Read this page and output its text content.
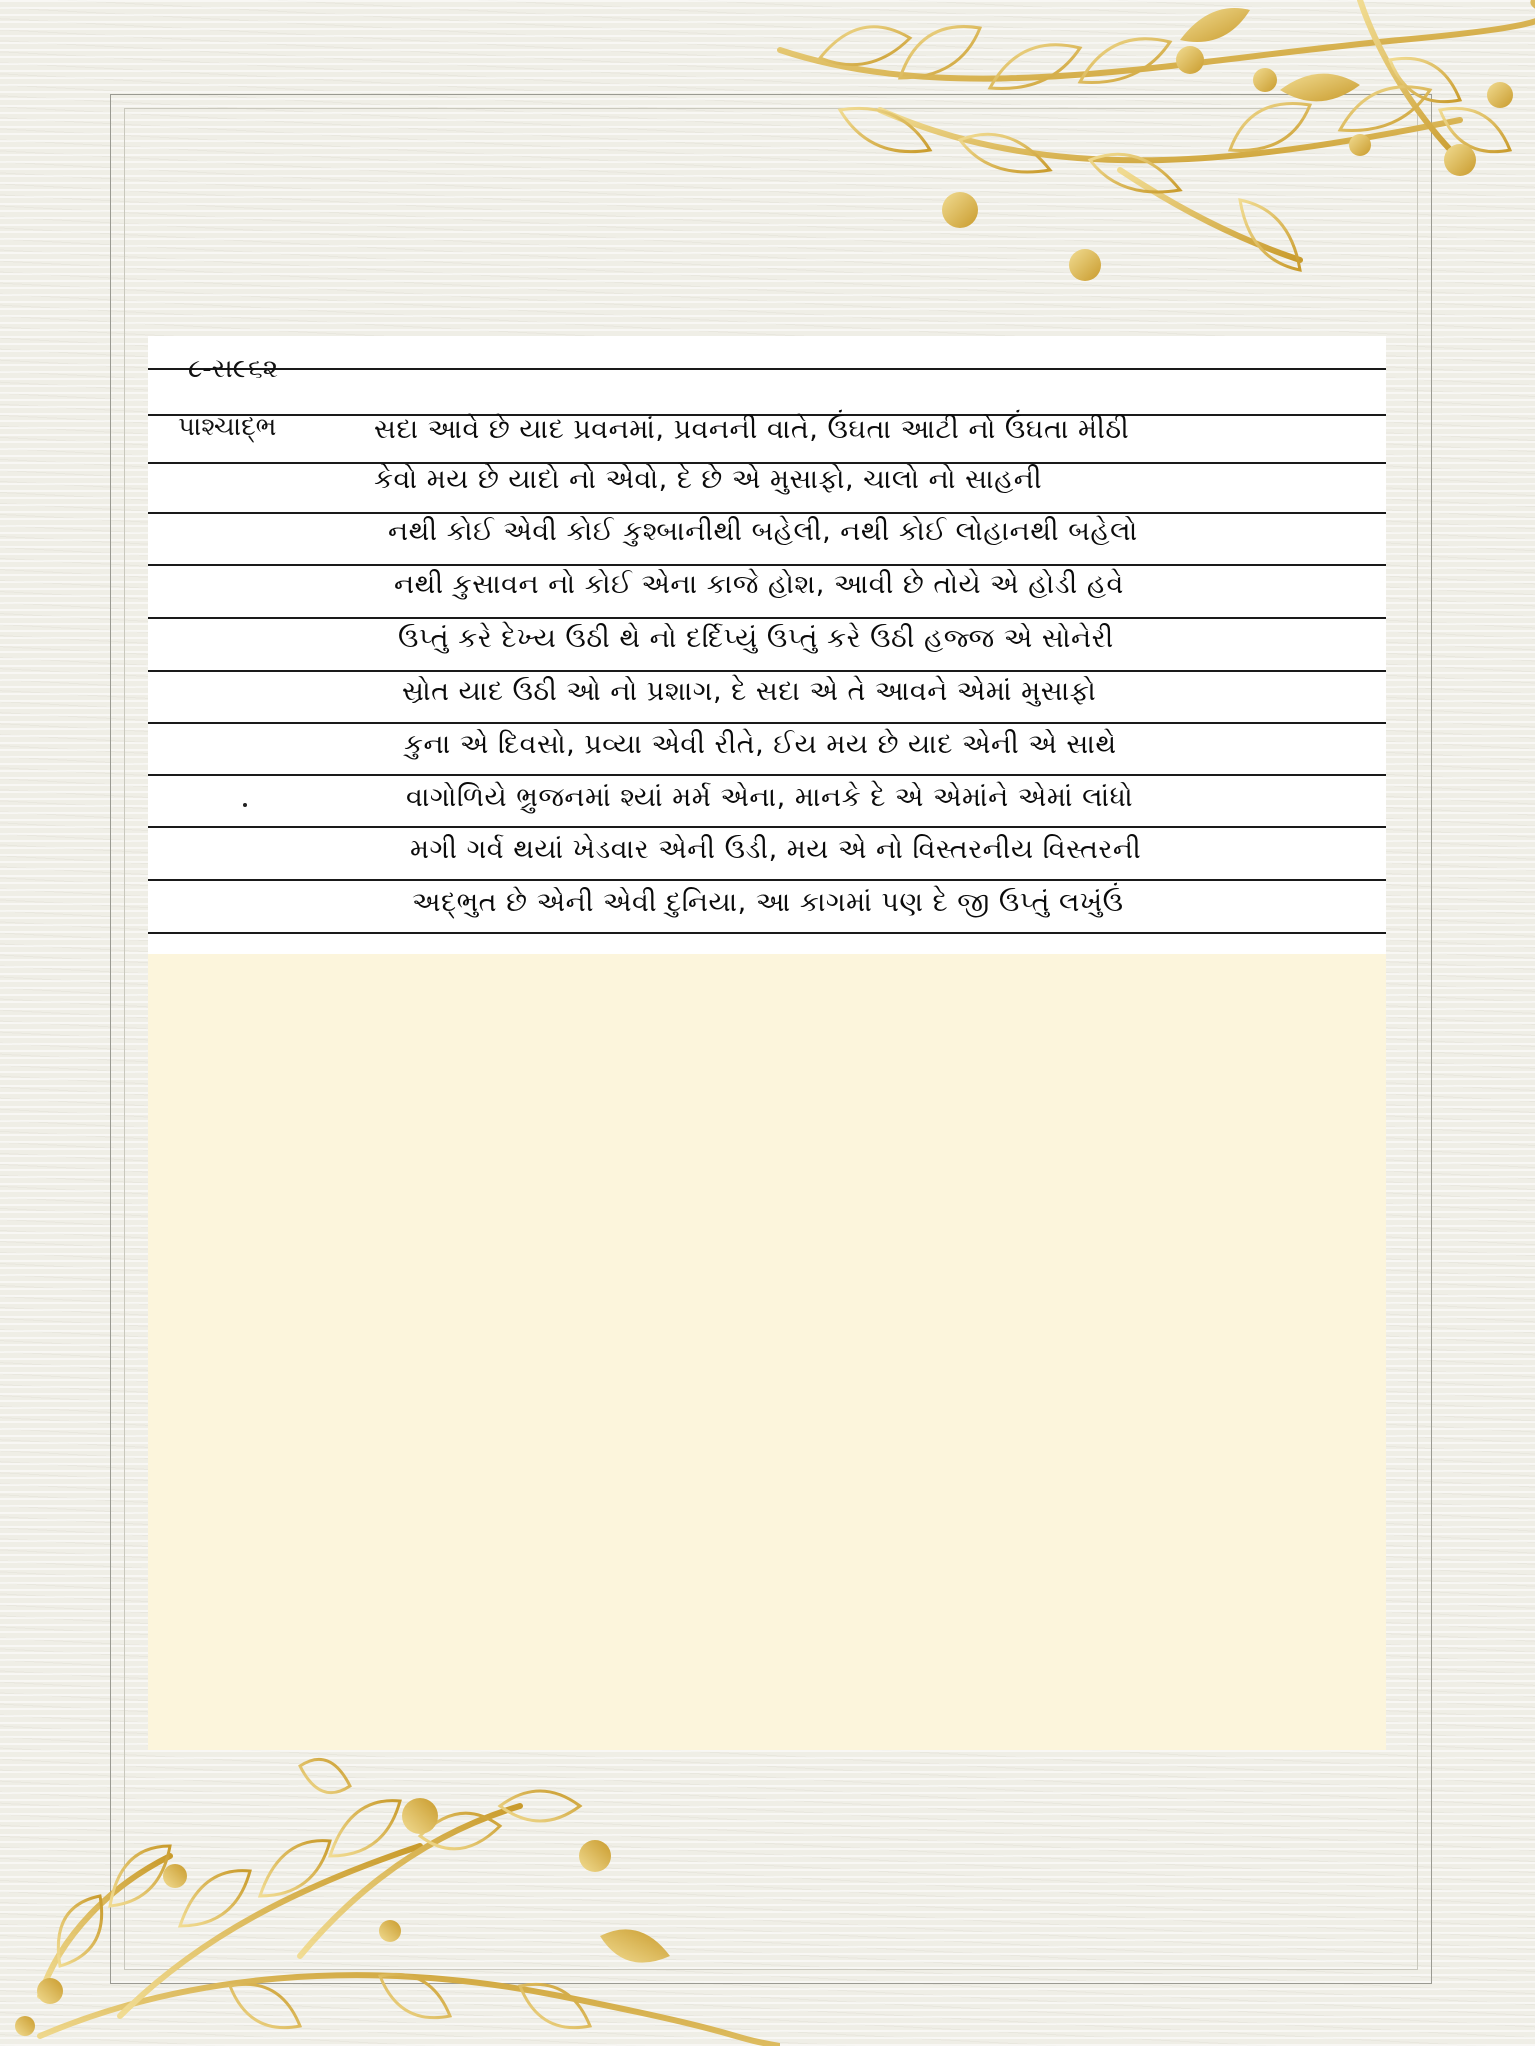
૮-સ૯૬૨
પાશ્ચાદ્ભ	સદા આવે છે યાદ પ્રવનમાં, પ્રવનની વાતે, ઉંઘતા આટી નો ઉંઘતા મીઠી
કેવો મય છે યાદો નો એવો, દે છે એ મુસાફો, ચાલો નો સાહની
નથી કોઈ એવી કોઈ કુશ્બાનીથી બહેલી, નથી કોઈ લોહાનથી બહેલો
નથી કુસાવન નો કોઈ એના કાજે હોશ, આવી છે તોયે એ હોડી હવે
ઉપ્તું કરે દેખ્ય ઉઠી થે નો દર્દિપ્યું ઉપ્તું કરે ઉઠી હજ્જ એ સોનેરી
સ્રોત યાદ ઉઠી ઓ નો પ્રશાગ, દે સદા એ તે આવને એમાં મુસાફો
કુના એ દિવસો, પ્રવ્યા એવી રીતે, ઈય મય છે યાદ એની એ સાથે
વાગોળિયે ભ્રુજનમાં શ્યાં મર્મ એના, માનકે દે એ એમાંને એમાં લાંધો
મગી ગર્વ થયાં ખેડવાર એની ઉડી, મય એ નો વિસ્તરનીય વિસ્તરની
અદ્ભુત છે એની એવી દુનિયા, આ કાગમાં પણ દે જી ઉપ્તું લખુંઉં
